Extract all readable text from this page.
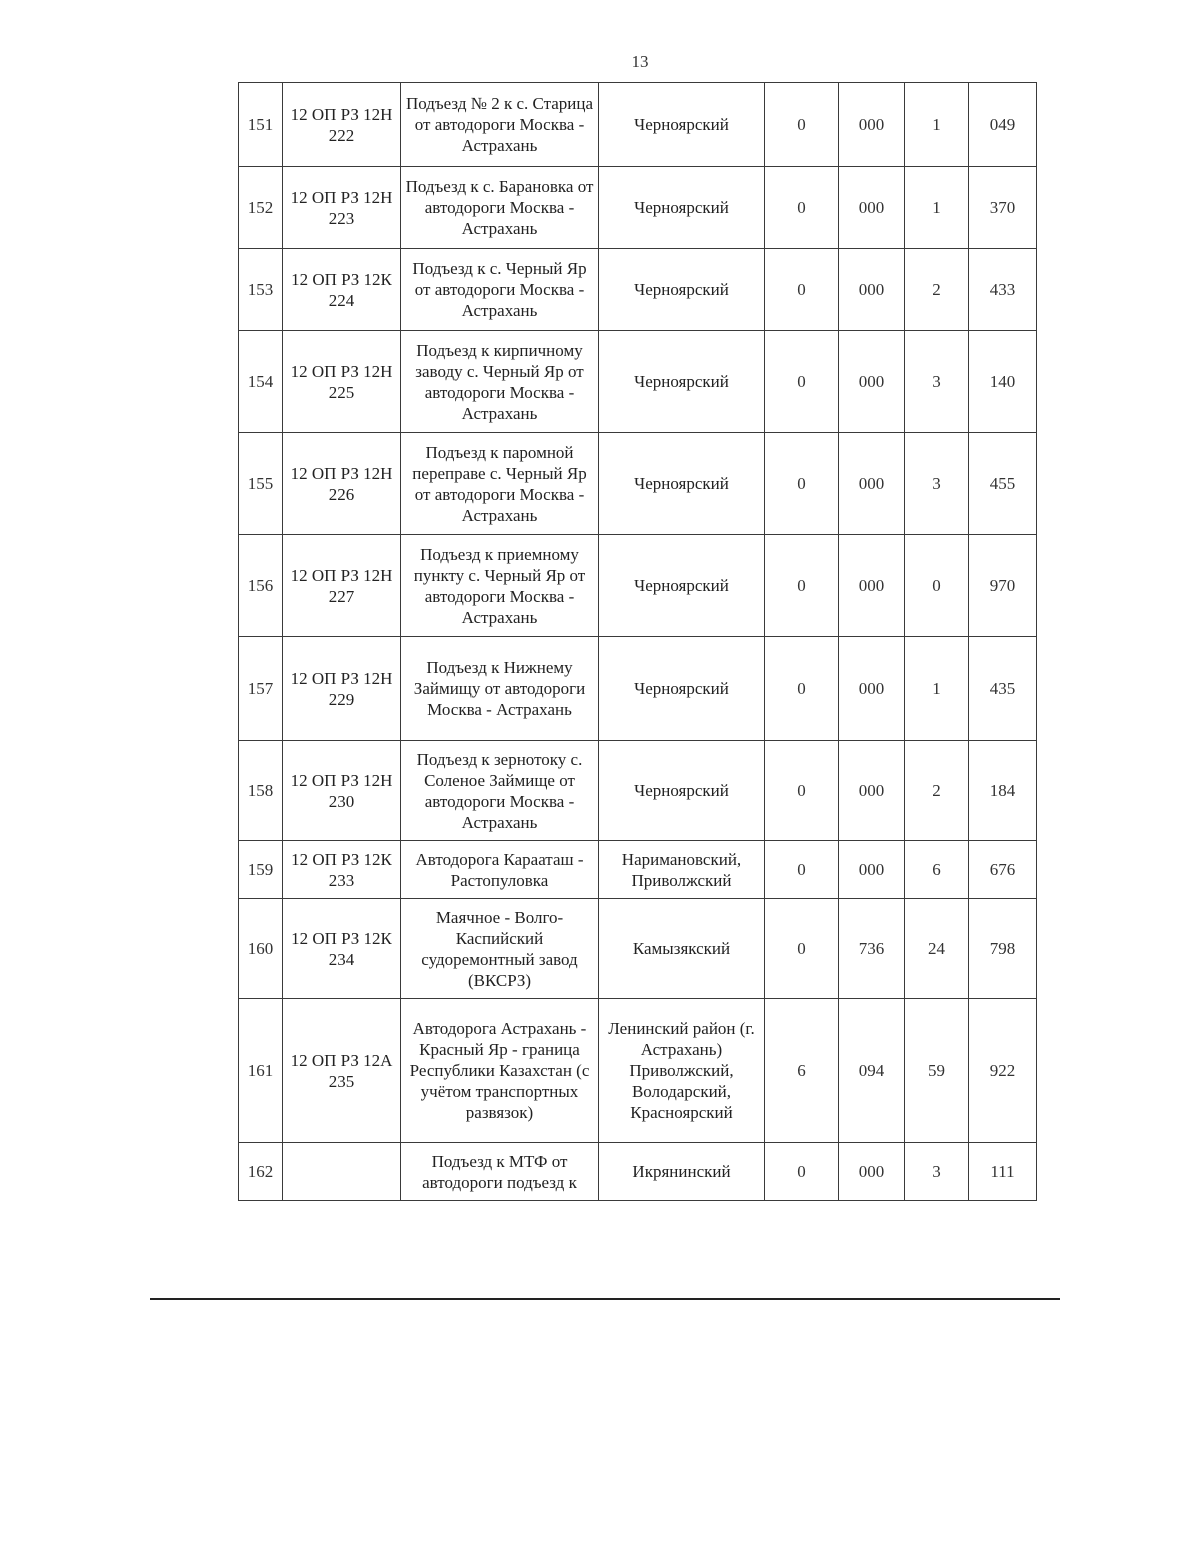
13
151	12 ОП РЗ 12Н 222	Подъезд № 2 к с. Старица от автодороги Москва - Астрахань	Черноярский	0	000	1	049
152	12 ОП РЗ 12Н 223	Подъезд к с. Барановка от автодороги Москва - Астрахань	Черноярский	0	000	1	370
153	12 ОП РЗ 12К 224	Подъезд к с. Черный Яр от автодороги Москва - Астрахань	Черноярский	0	000	2	433
154	12 ОП РЗ 12Н 225	Подъезд к кирпичному заводу с. Черный Яр от автодороги Москва - Астрахань	Черноярский	0	000	3	140
155	12 ОП РЗ 12Н 226	Подъезд к паромной переправе с. Черный Яр от автодороги Москва - Астрахань	Черноярский	0	000	3	455
156	12 ОП РЗ 12Н 227	Подъезд к приемному пункту с. Черный Яр от автодороги Москва - Астрахань	Черноярский	0	000	0	970
157	12 ОП РЗ 12Н 229	Подъезд к Нижнему Займищу от автодороги Москва - Астрахань	Черноярский	0	000	1	435
158	12 ОП РЗ 12Н 230	Подъезд к зернотоку с. Соленое Займище от автодороги Москва - Астрахань	Черноярский	0	000	2	184
159	12 ОП РЗ 12К 233	Автодорога Карааташ - Растопуловка	Наримановский, Приволжский	0	000	6	676
160	12 ОП РЗ 12К 234	Маячное - Волго-Каспийский судоремонтный завод (ВКСРЗ)	Камызякский	0	736	24	798
161	12 ОП РЗ 12А 235	Автодорога Астрахань - Красный Яр - граница Республики Казахстан (с учётом транспортных развязок)	Ленинский район (г. Астрахань) Приволжский, Володарский, Красноярский	6	094	59	922
162		Подъезд к МТФ от автодороги подъезд к	Икрянинский	0	000	3	111
